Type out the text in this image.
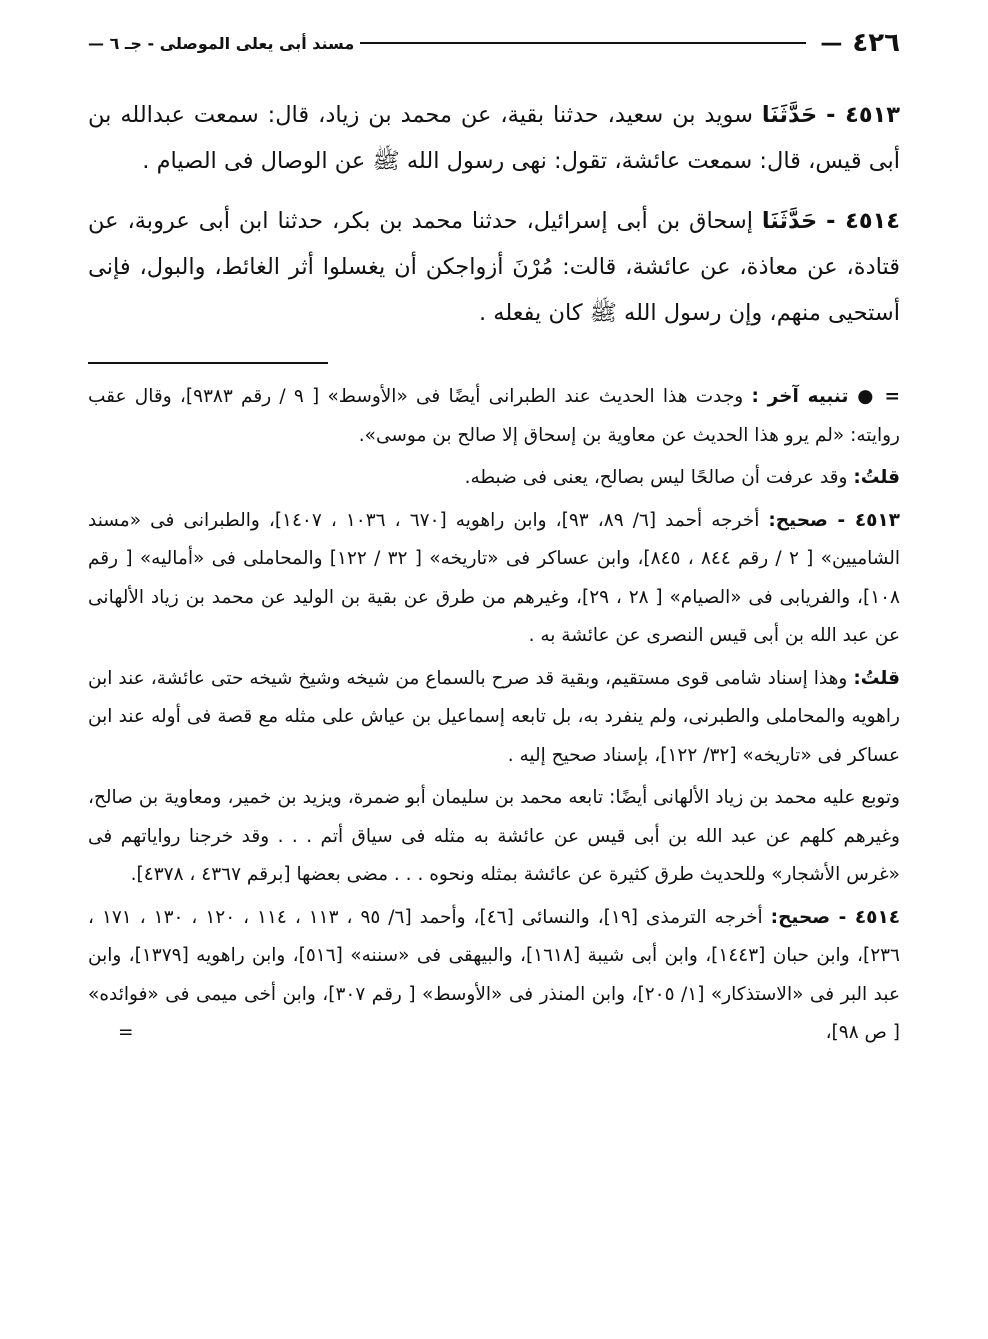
٤٢٦
—
مسند أبى يعلى الموصلى - جـ ٦ —

٤٥١٣ - حَدَّثَنَا سويد بن سعيد، حدثنا بقية، عن محمد بن زياد، قال: سمعت عبدالله بن أبى قيس، قال: سمعت عائشة، تقول: نهى رسول الله ﷺ عن الوصال فى الصيام .

٤٥١٤ - حَدَّثَنَا إسحاق بن أبى إسرائيل، حدثنا محمد بن بكر، حدثنا ابن أبى عروبة، عن قتادة، عن معاذة، عن عائشة، قالت: مُرْنَ أزواجكن أن يغسلوا أثر الغائط، والبول، فإنى أستحيى منهم، وإن رسول الله ﷺ كان يفعله .

= ● تنبيه آخر : وجدت هذا الحديث عند الطبرانى أيضًا فى «الأوسط» [ ٩ / رقم ٩٣٨٣]، وقال عقب روايته: «لم يرو هذا الحديث عن معاوية بن إسحاق إلا صالح بن موسى».

قلتُ: وقد عرفت أن صالحًا ليس بصالح، يعنى فى ضبطه.

٤٥١٣ - صحيح: أخرجه أحمد [٦/ ٨٩، ٩٣]، وابن راهويه [٦٧٠ ، ١٠٣٦ ، ١٤٠٧]، والطبرانى فى «مسند الشاميين» [ ٢ / رقم ٨٤٤ ، ٨٤٥]، وابن عساكر فى «تاريخه» [ ٣٢ / ١٢٢] والمحاملى فى «أماليه» [ رقم ١٠٨]، والفريابى فى «الصيام» [ ٢٨ ، ٢٩]، وغيرهم من طرق عن بقية بن الوليد عن محمد بن زياد الألهانى عن عبد الله بن أبى قيس النصرى عن عائشة به .

قلتُ: وهذا إسناد شامى قوى مستقيم، وبقية قد صرح بالسماع من شيخه وشيخ شيخه حتى عائشة، عند ابن راهويه والمحاملى والطبرنى، ولم ينفرد به، بل تابعه إسماعيل بن عياش على مثله مع قصة فى أوله عند ابن عساكر فى «تاريخه» [٣٢/ ١٢٢]، بإسناد صحيح إليه .

وتوبع عليه محمد بن زياد الألهانى أيضًا: تابعه محمد بن سليمان أبو ضمرة، ويزيد بن خمير، ومعاوية بن صالح، وغيرهم كلهم عن عبد الله بن أبى قيس عن عائشة به مثله فى سياق أتم . . . وقد خرجنا رواياتهم فى «غرس الأشجار» وللحديث طرق كثيرة عن عائشة بمثله ونحوه . . . مضى بعضها [برقم ٤٣٦٧ ، ٤٣٧٨].

٤٥١٤ - صحيح: أخرجه الترمذى [١٩]، والنسائى [٤٦]، وأحمد [٦/ ٩٥ ، ١١٣ ، ١١٤ ، ١٢٠ ، ١٣٠ ، ١٧١ ، ٢٣٦]، وابن حبان [١٤٤٣]، وابن أبى شيبة [١٦١٨]، والبيهقى فى «سننه» [٥١٦]، وابن راهويه [١٣٧٩]، وابن عبد البر فى «الاستذكار» [١/ ٢٠٥]، وابن المنذر فى «الأوسط» [ رقم ٣٠٧]، وابن أخى ميمى فى «فوائده» [ ص ٩٨]،
=
